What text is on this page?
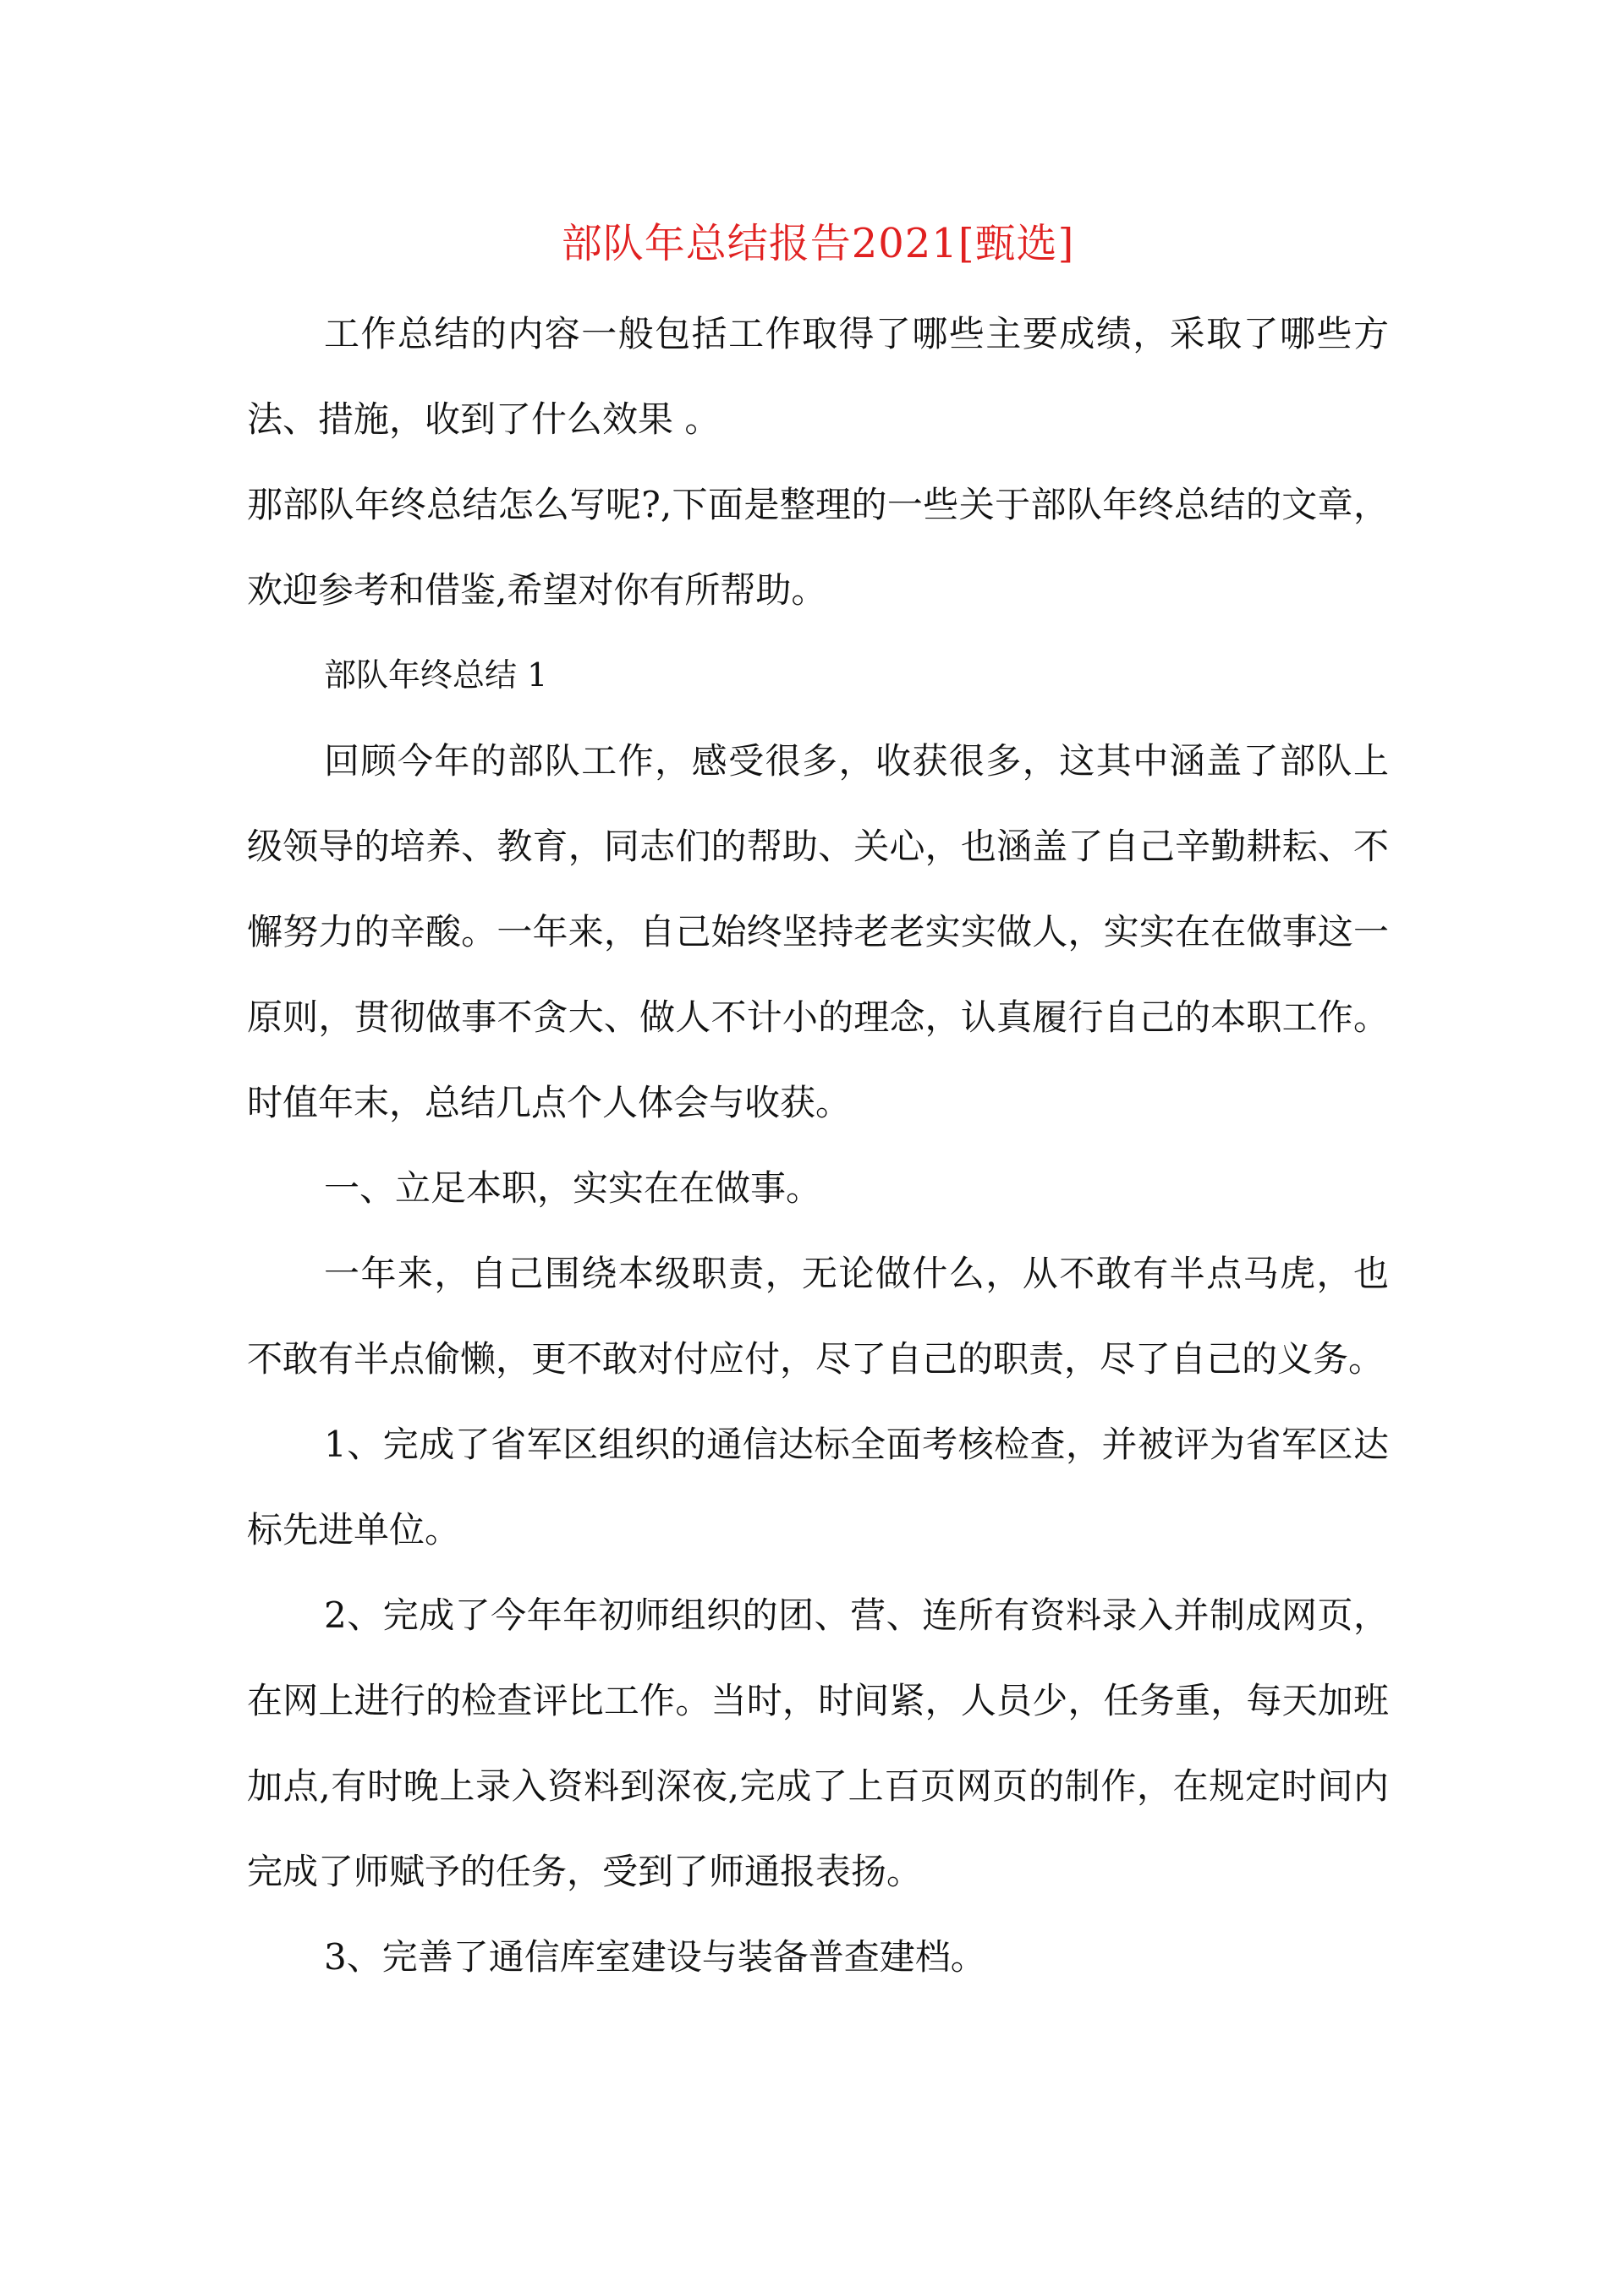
部队年总结报告2021[甄选]

工作总结的内容一般包括工作取得了哪些主要成绩，采取了哪些方法、措施，收到了什么效果 。

那部队年终总结怎么写呢?,下面是整理的一些关于部队年终总结的文章，欢迎参考和借鉴,希望对你有所帮助。

部队年终总结 1

回顾今年的部队工作，感受很多，收获很多，这其中涵盖了部队上级领导的培养、教育，同志们的帮助、关心，也涵盖了自己辛勤耕耘、不懈努力的辛酸。一年来，自己始终坚持老老实实做人，实实在在做事这一原则，贯彻做事不贪大、做人不计小的理念，认真履行自己的本职工作。时值年末，总结几点个人体会与收获。

一、立足本职，实实在在做事。

一年来，自己围绕本级职责，无论做什么，从不敢有半点马虎，也不敢有半点偷懒，更不敢对付应付，尽了自己的职责，尽了自己的义务。

1、完成了省军区组织的通信达标全面考核检查，并被评为省军区达标先进单位。

2、完成了今年年初师组织的团、营、连所有资料录入并制成网页，在网上进行的检查评比工作。当时，时间紧，人员少，任务重，每天加班加点,有时晚上录入资料到深夜,完成了上百页网页的制作，在规定时间内完成了师赋予的任务，受到了师通报表扬。

3、完善了通信库室建设与装备普查建档。
